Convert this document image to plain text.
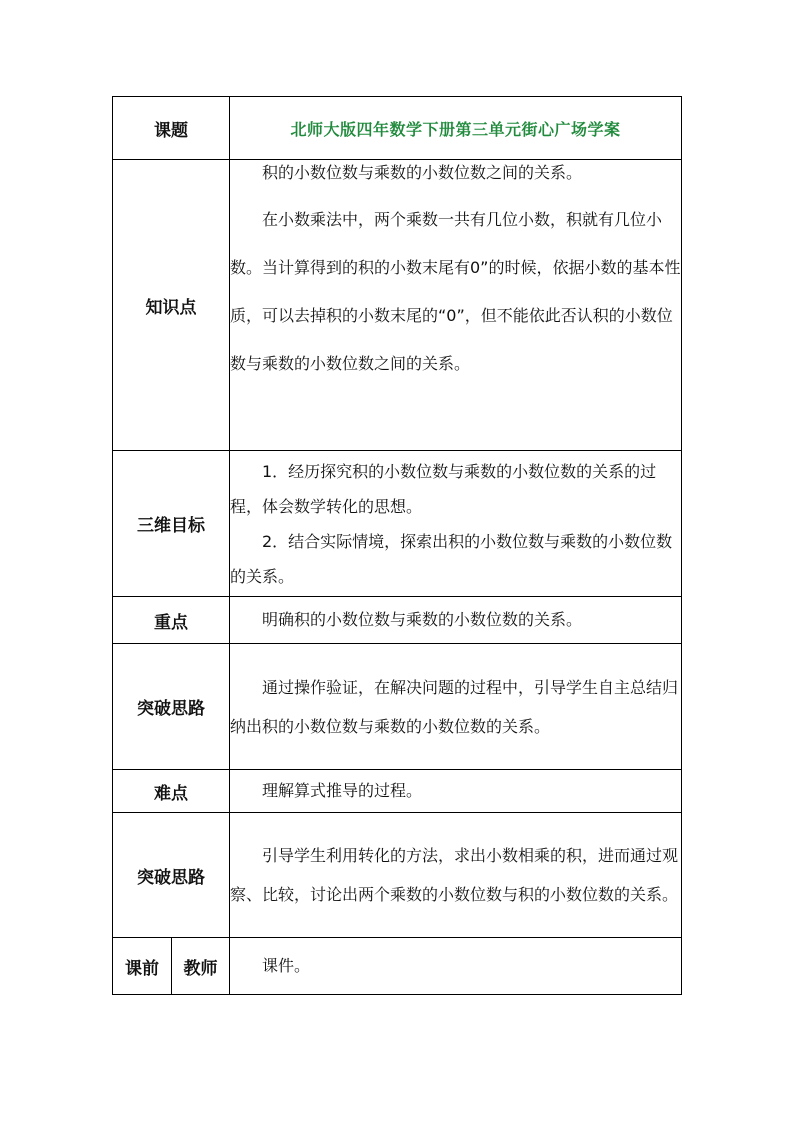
课题		北师大版四年数学下册第三单元街心广场学案
知识点		积的小数位数与乘数的小数位数之间的关系。

在小数乘法中，两个乘数一共有几位小数，积就有几位小数。当计算得到的积的小数末尾有0”的时候，依据小数的基本性质，可以去掉积的小数末尾的“0”，但不能依此否认积的小数位数与乘数的小数位数之间的关系。

三维目标		1．经历探究积的小数位数与乘数的小数位数的关系的过程，体会数学转化的思想。

2．结合实际情境，探索出积的小数位数与乘数的小数位数的关系。

重点		明确积的小数位数与乘数的小数位数的关系。

突破思路		通过操作验证，在解决问题的过程中，引导学生自主总结归纳出积的小数位数与乘数的小数位数的关系。

难点		理解算式推导的过程。

突破思路		引导学生利用转化的方法，求出小数相乘的积，进而通过观察、比较，讨论出两个乘数的小数位数与积的小数位数的关系。

课前	教师	课件。
